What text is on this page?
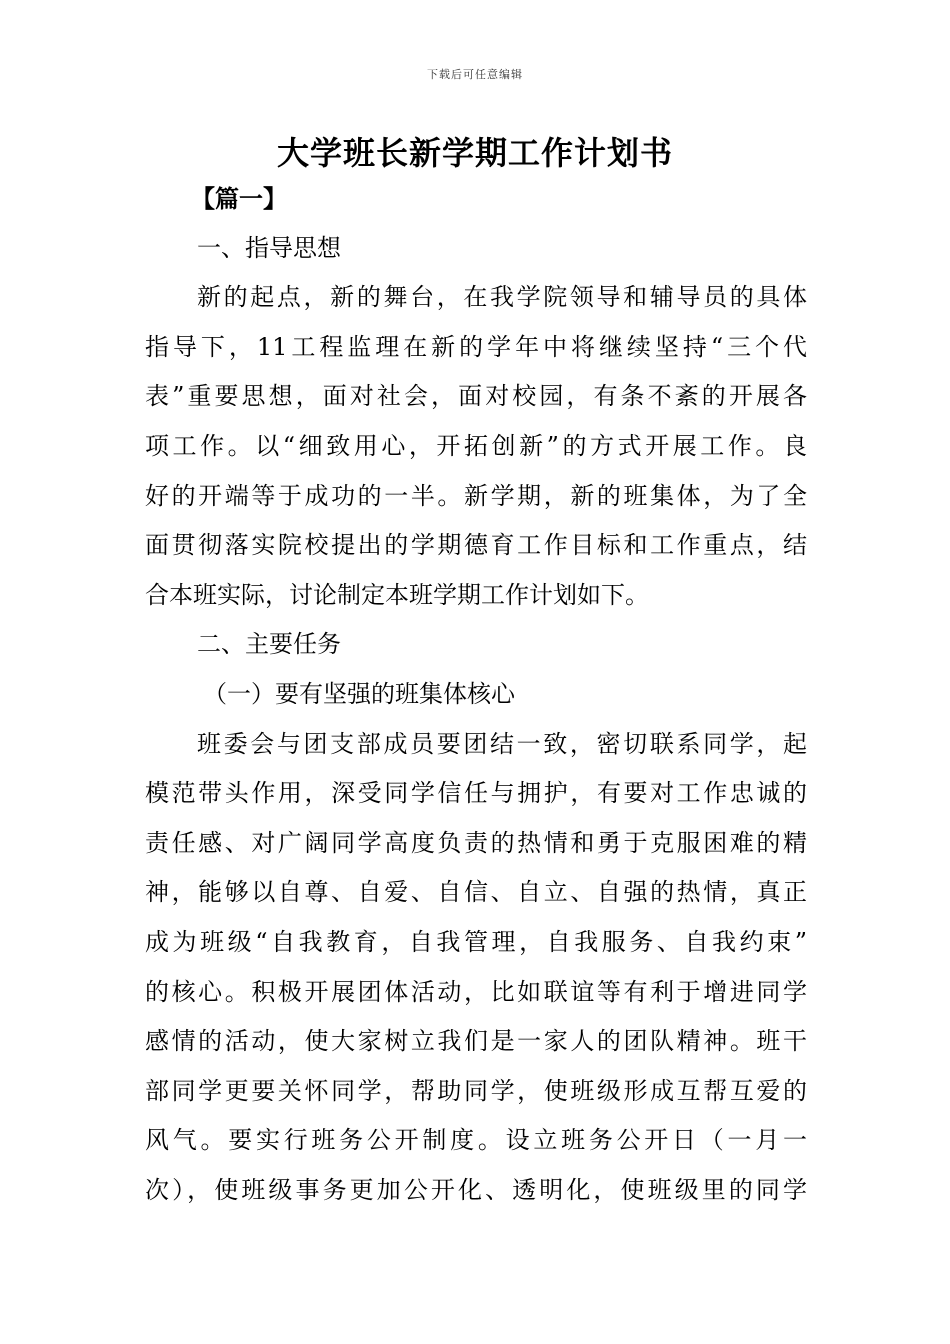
下载后可任意编辑
大学班长新学期工作计划书
【篇一】
一、指导思想
新的起点，新的舞台，在我学院领导和辅导员的具体
指导下，11工程监理在新的学年中将继续坚持“三个代
表”重要思想，面对社会，面对校园，有条不紊的开展各
项工作。以“细致用心，开拓创新”的方式开展工作。良
好的开端等于成功的一半。新学期，新的班集体，为了全
面贯彻落实院校提出的学期德育工作目标和工作重点，结
合本班实际，讨论制定本班学期工作计划如下。
二、主要任务
（一）要有坚强的班集体核心
班委会与团支部成员要团结一致，密切联系同学，起
模范带头作用，深受同学信任与拥护，有要对工作忠诚的
责任感、对广阔同学高度负责的热情和勇于克服困难的精
神，能够以自尊、自爱、自信、自立、自强的热情，真正
成为班级“自我教育，自我管理，自我服务、自我约束”
的核心。积极开展团体活动，比如联谊等有利于增进同学
感情的活动，使大家树立我们是一家人的团队精神。班干
部同学更要关怀同学，帮助同学，使班级形成互帮互爱的
风气。要实行班务公开制度。设立班务公开日（一月一
次），使班级事务更加公开化、透明化，使班级里的同学
